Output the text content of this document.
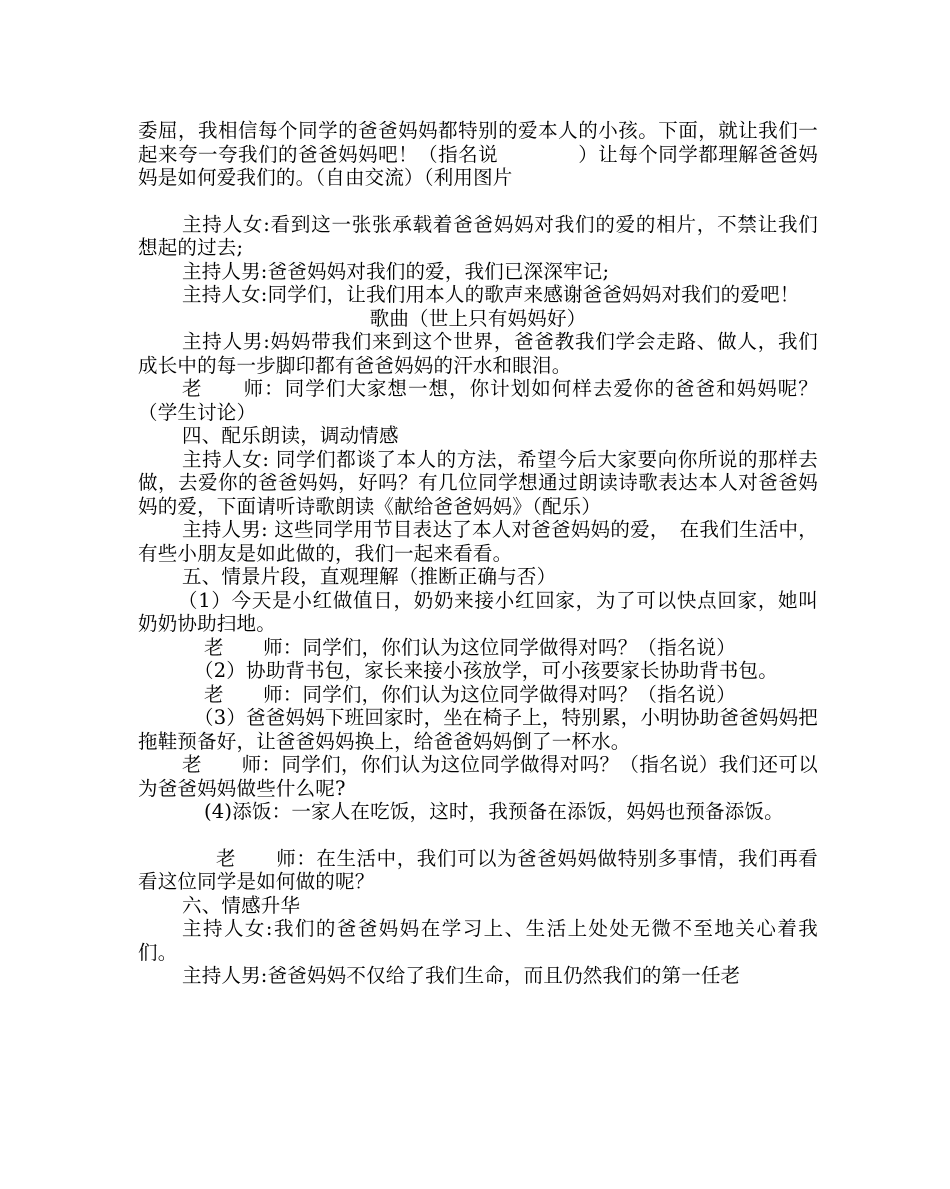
委屈，我相信每个同学的爸爸妈妈都特别的爱本人的小孩。下面，就让我们一起来夸一夸我们的爸爸妈妈吧！（指名说　　　　）让每个同学都理解爸爸妈妈是如何爱我们的。（自由交流）（利用图片

主持人女:看到这一张张承载着爸爸妈妈对我们的爱的相片，不禁让我们想起的过去;

主持人男:爸爸妈妈对我们的爱，我们已深深牢记;

主持人女:同学们，让我们用本人的歌声来感谢爸爸妈妈对我们的爱吧！

歌曲（世上只有妈妈好）

主持人男:妈妈带我们来到这个世界，爸爸教我们学会走路、做人，我们成长中的每一步脚印都有爸爸妈妈的汗水和眼泪。

老　　师：同学们大家想一想，你计划如何样去爱你的爸爸和妈妈呢？（学生讨论）

四、配乐朗读，调动情感

主持人女: 同学们都谈了本人的方法，希望今后大家要向你所说的那样去做，去爱你的爸爸妈妈，好吗？有几位同学想通过朗读诗歌表达本人对爸爸妈妈的爱，下面请听诗歌朗读《献给爸爸妈妈》（配乐）

主持人男: 这些同学用节目表达了本人对爸爸妈妈的爱，　在我们生活中，有些小朋友是如此做的，我们一起来看看。

五、情景片段，直观理解（推断正确与否）

（1）今天是小红做值日，奶奶来接小红回家，为了可以快点回家，她叫奶奶协助扫地。

老　　师：同学们，你们认为这位同学做得对吗？（指名说）

（2）协助背书包，家长来接小孩放学，可小孩要家长协助背书包。

老　　师：同学们，你们认为这位同学做得对吗？（指名说）

（3）爸爸妈妈下班回家时，坐在椅子上，特别累，小明协助爸爸妈妈把拖鞋预备好，让爸爸妈妈换上，给爸爸妈妈倒了一杯水。

老　　师：同学们，你们认为这位同学做得对吗？（指名说）我们还可以为爸爸妈妈做些什么呢?

(4)添饭：一家人在吃饭，这时，我预备在添饭，妈妈也预备添饭。

老　　师：在生活中，我们可以为爸爸妈妈做特别多事情，我们再看看这位同学是如何做的呢？

六、情感升华

主持人女:我们的爸爸妈妈在学习上、生活上处处无微不至地关心着我们。

主持人男:爸爸妈妈不仅给了我们生命，而且仍然我们的第一任老
